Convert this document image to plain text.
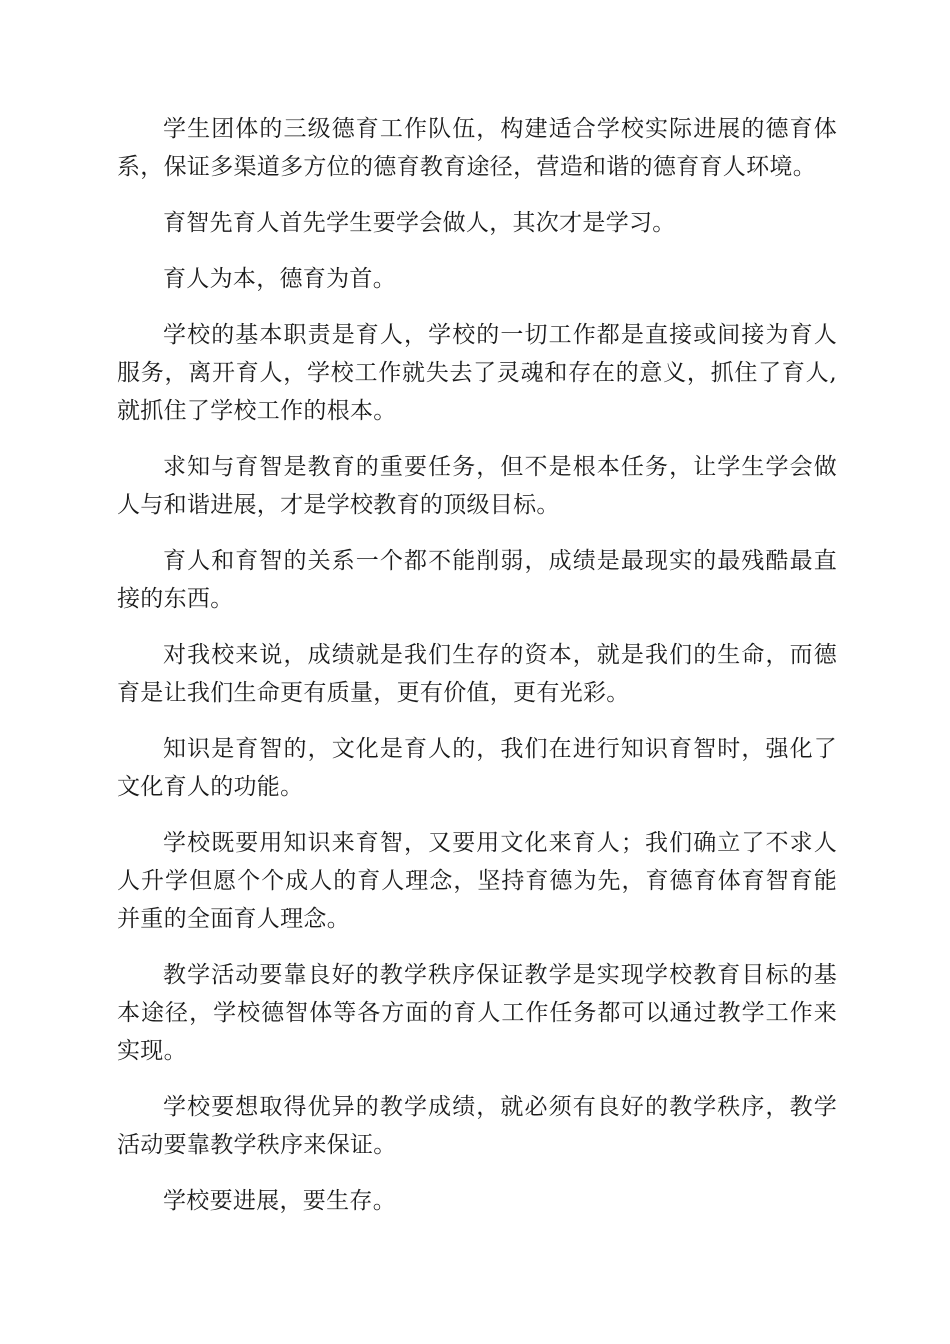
学生团体的三级德育工作队伍，构建适合学校实际进展的德育体系，保证多渠道多方位的德育教育途径，营造和谐的德育育人环境。

育智先育人首先学生要学会做人，其次才是学习。

育人为本，德育为首。

学校的基本职责是育人，学校的一切工作都是直接或间接为育人服务，离开育人，学校工作就失去了灵魂和存在的意义，抓住了育人,就抓住了学校工作的根本。

求知与育智是教育的重要任务，但不是根本任务，让学生学会做人与和谐进展，才是学校教育的顶级目标。

育人和育智的关系一个都不能削弱，成绩是最现实的最残酷最直接的东西。

对我校来说，成绩就是我们生存的资本，就是我们的生命，而德育是让我们生命更有质量，更有价值，更有光彩。

知识是育智的，文化是育人的，我们在进行知识育智时，强化了文化育人的功能。

学校既要用知识来育智，又要用文化来育人；我们确立了不求人人升学但愿个个成人的育人理念，坚持育德为先，育德育体育智育能并重的全面育人理念。

教学活动要靠良好的教学秩序保证教学是实现学校教育目标的基本途径，学校德智体等各方面的育人工作任务都可以通过教学工作来实现。

学校要想取得优异的教学成绩，就必须有良好的教学秩序，教学活动要靠教学秩序来保证。

学校要进展，要生存。
